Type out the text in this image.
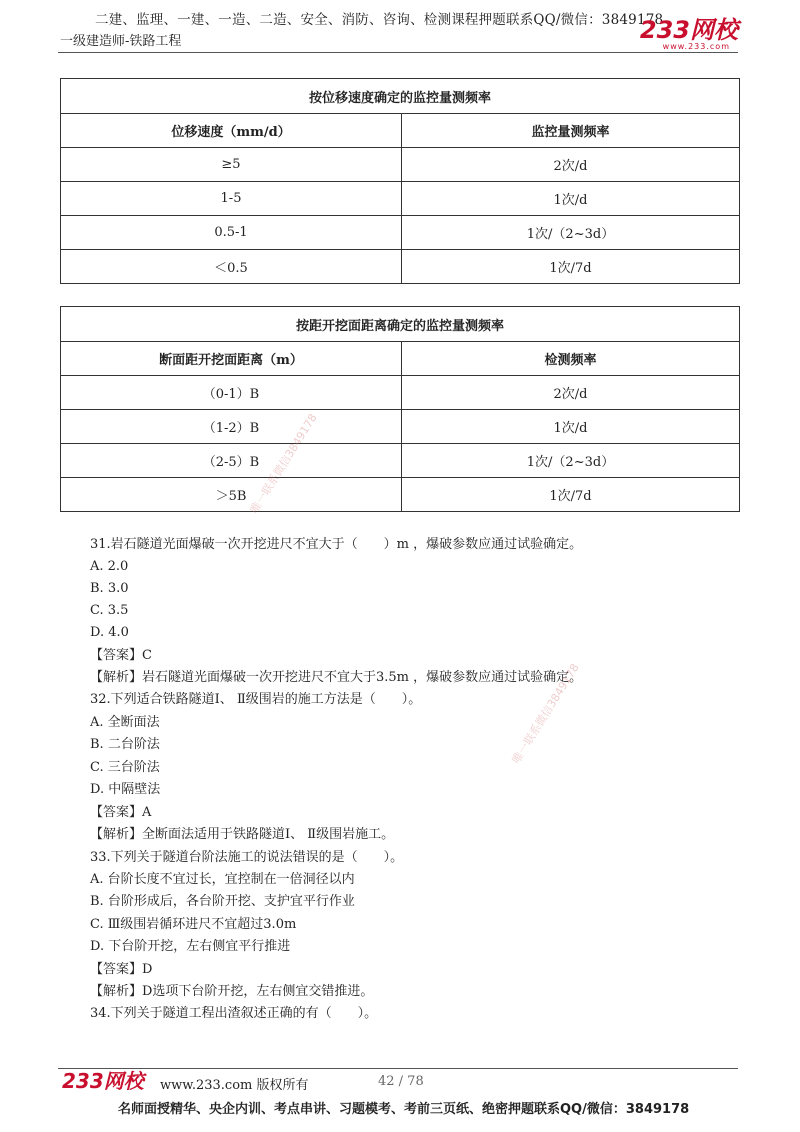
二建、监理、一建、一造、二造、安全、消防、咨询、检测课程押题联系QQ/微信：3849178
一级建造师-铁路工程	233网校
www.233.com
按位移速度确定的监控量测频率	
位移速度（mm/d）	监控量测频率
≥5	2次/d
1-5	1次/d
0.5-1	1次/（2~3d）
＜0.5	1次/7d
按距开挖面距离确定的监控量测频率	
断面距开挖面距离（m）	检测频率
（0-1）B	2次/d
（1-2）B	1次/d
（2-5）B	1次/（2~3d）
＞5B	1次/7d
31.岩石隧道光面爆破一次开挖进尺不宜大于（　　）m ，爆破参数应通过试验确定。
A. 2.0
B. 3.0
C. 3.5
D. 4.0
【答案】C
【解析】岩石隧道光面爆破一次开挖进尺不宜大于3.5m ，爆破参数应通过试验确定。
32.下列适合铁路隧道Ⅰ、 Ⅱ级围岩的施工方法是（　　）。
A. 全断面法
B. 二台阶法
C. 三台阶法
D. 中隔壁法
【答案】A
【解析】全断面法适用于铁路隧道Ⅰ、 Ⅱ级围岩施工。
33.下列关于隧道台阶法施工的说法错误的是（　　）。
A. 台阶长度不宜过长，宜控制在一倍洞径以内
B. 台阶形成后，各台阶开挖、支护宜平行作业
C. Ⅲ级围岩循环进尺不宜超过3.0m
D. 下台阶开挖，左右侧宜平行推进
【答案】D
【解析】D选项下台阶开挖，左右侧宜交错推进。
34.下列关于隧道工程出渣叙述正确的有（　　）。
唯一联系微信3849178
唯一联系微信3849178
233网校 www.233.com 版权所有	42 / 78
名师面授精华、央企内训、考点串讲、习题模考、考前三页纸、绝密押题联系QQ/微信：3849178
